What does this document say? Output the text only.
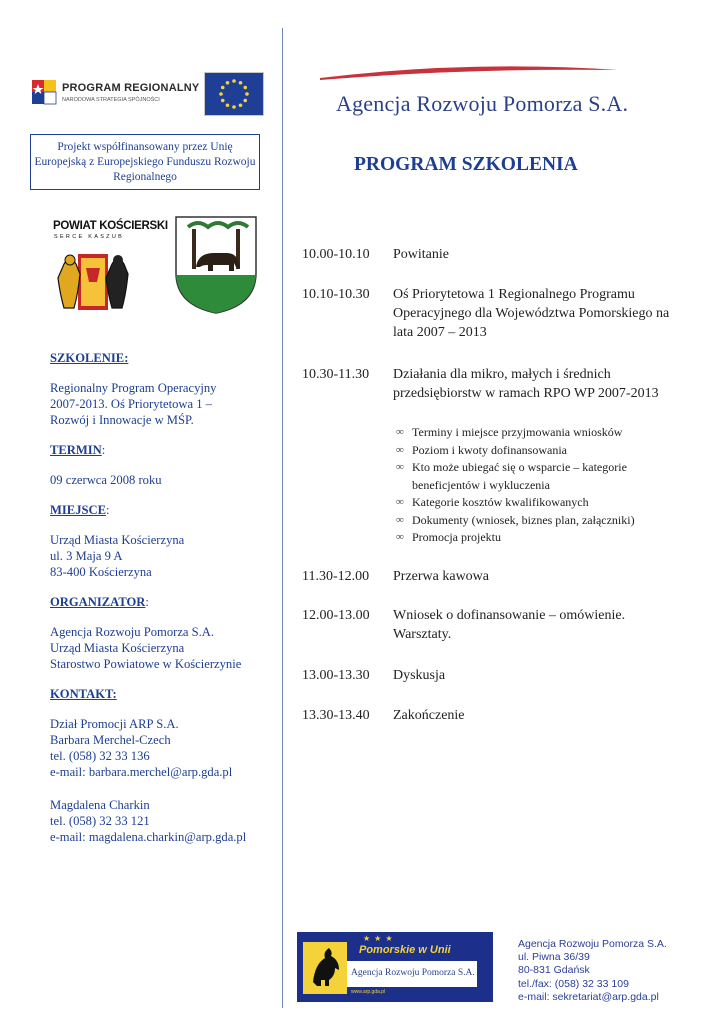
PROGRAM REGIONALNY
NARODOWA STRATEGIA SPÓJNOŚCI
Projekt współfinansowany przez Unię Europejską z Europejskiego Funduszu Rozwoju Regionalnego
POWIAT KOŚCIERSKI
SERCE KASZUB
SZKOLENIE:
Regionalny Program Operacyjny
2007-2013. Oś Priorytetowa 1 –
Rozwój i Innowacje w MŚP.
TERMIN:
09 czerwca 2008 roku
MIEJSCE:
Urząd Miasta Kościerzyna
ul. 3 Maja 9 A
83-400 Kościerzyna
ORGANIZATOR:
Agencja Rozwoju Pomorza S.A.
Urząd Miasta Kościerzyna
Starostwo Powiatowe w Kościerzynie
KONTAKT:
Dział Promocji ARP S.A.
Barbara Merchel-Czech
tel. (058) 32 33 136
e-mail: barbara.merchel@arp.gda.pl
Magdalena Charkin
tel. (058) 32 33 121
e-mail: magdalena.charkin@arp.gda.pl
Agencja Rozwoju Pomorza S.A.
PROGRAM SZKOLENIA
10.00-10.10 Powitanie
10.10-10.30 Oś Priorytetowa 1 Regionalnego Programu Operacyjnego dla Województwa Pomorskiego na lata 2007 – 2013
10.30-11.30 Działania dla mikro, małych i średnich przedsiębiorstw w ramach RPO WP 2007-2013
∞ Terminy i miejsce przyjmowania wniosków
∞ Poziom i kwoty dofinansowania
∞ Kto może ubiegać się o wsparcie – kategorie beneficjentów i wykluczenia
∞ Kategorie kosztów kwalifikowanych
∞ Dokumenty (wniosek, biznes plan, załączniki)
∞ Promocja projektu
11.30-12.00 Przerwa kawowa
12.00-13.00 Wniosek o dofinansowanie – omówienie. Warsztaty.
13.00-13.30 Dyskusja
13.30-13.40 Zakończenie
★ ★ ★
Pomorskie w Unii
Agencja Rozwoju Pomorza S.A.
www.arp.gda.pl
Agencja Rozwoju Pomorza S.A.
ul. Piwna 36/39
80-831 Gdańsk
tel./fax: (058) 32 33 109
e-mail: sekretariat@arp.gda.pl
